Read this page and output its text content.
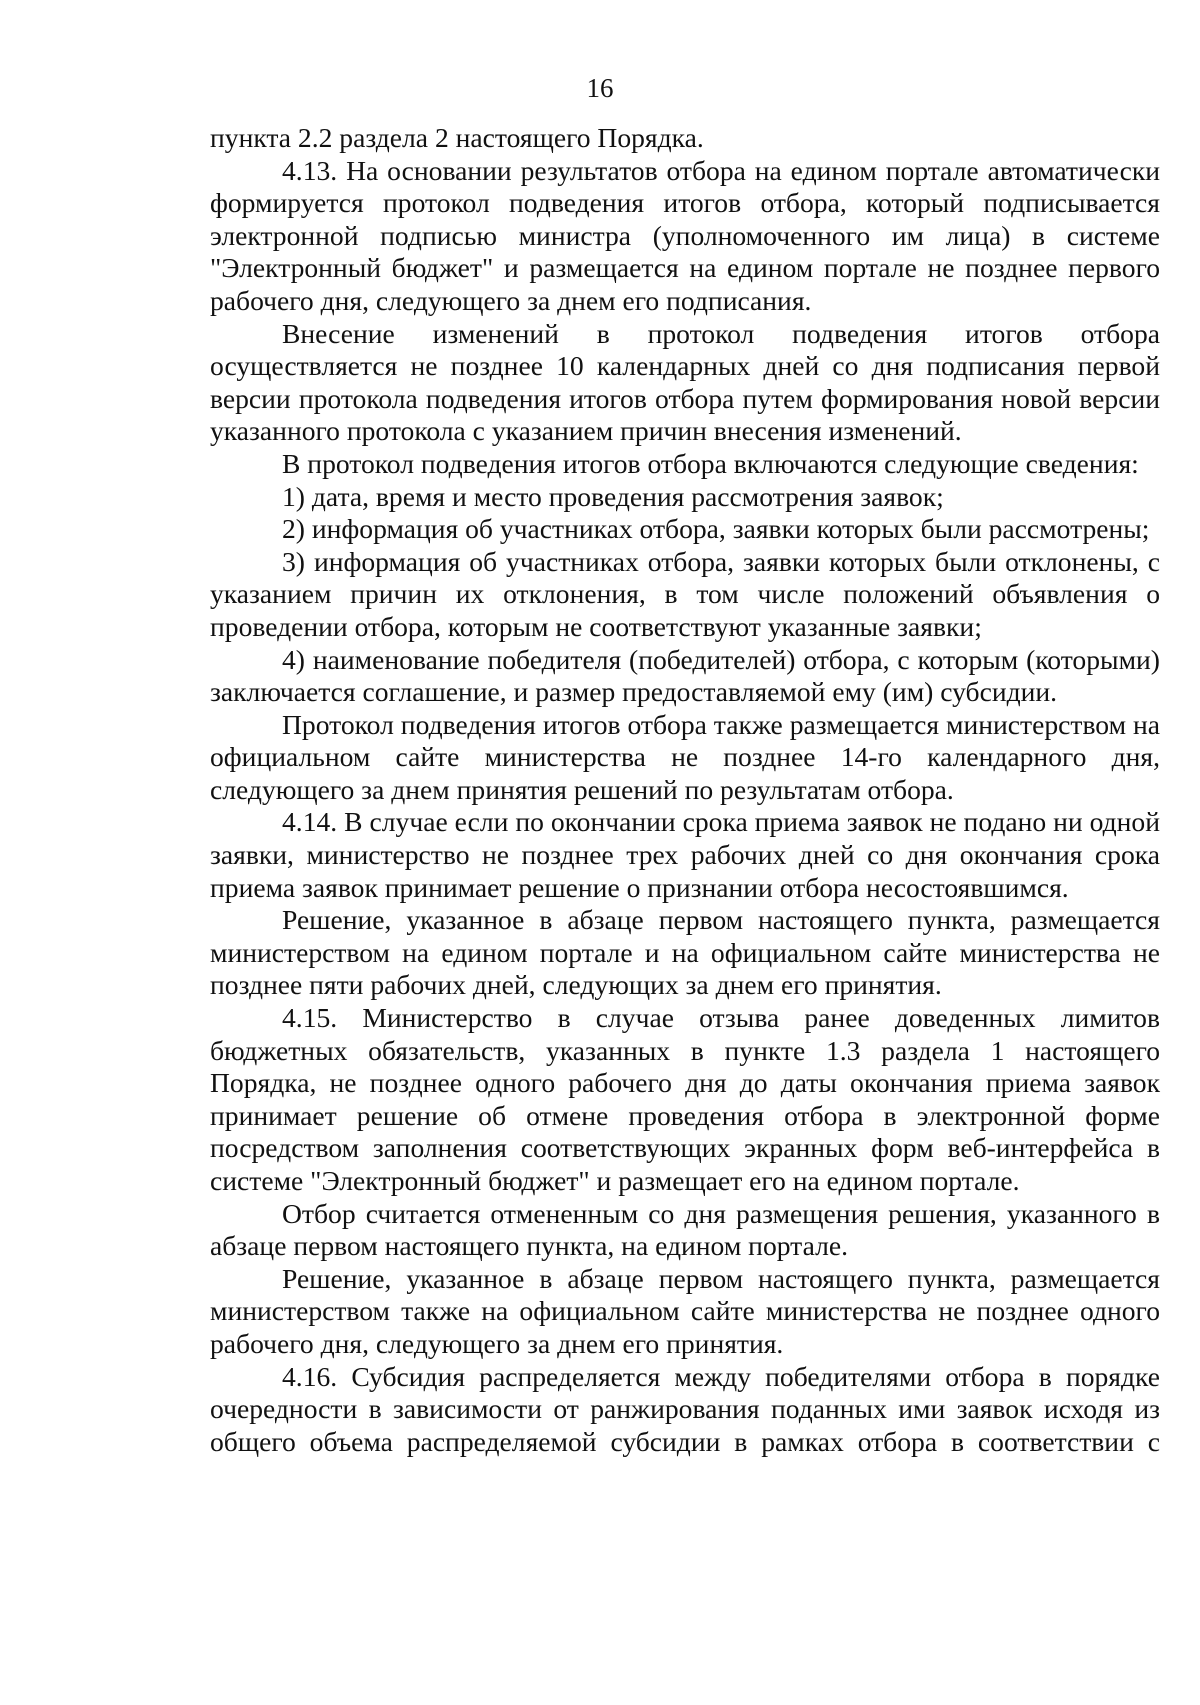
16

пункта 2.2 раздела 2 настоящего Порядка.

4.13. На основании результатов отбора на едином портале автоматически формируется протокол подведения итогов отбора, который подписывается электронной подписью министра (уполномоченного им лица) в системе "Электронный бюджет" и размещается на едином портале не позднее первого рабочего дня, следующего за днем его подписания.

Внесение изменений в протокол подведения итогов отбора осуществляется не позднее 10 календарных дней со дня подписания первой версии протокола подведения итогов отбора путем формирования новой версии указанного протокола с указанием причин внесения изменений.

В протокол подведения итогов отбора включаются следующие сведения:

1) дата, время и место проведения рассмотрения заявок;

2) информация об участниках отбора, заявки которых были рассмотрены;

3) информация об участниках отбора, заявки которых были отклонены, с указанием причин их отклонения, в том числе положений объявления о проведении отбора, которым не соответствуют указанные заявки;

4) наименование победителя (победителей) отбора, с которым (которыми) заключается соглашение, и размер предоставляемой ему (им) субсидии.

Протокол подведения итогов отбора также размещается министерством на официальном сайте министерства не позднее 14-го календарного дня, следующего за днем принятия решений по результатам отбора.

4.14. В случае если по окончании срока приема заявок не подано ни одной заявки, министерство не позднее трех рабочих дней со дня окончания срока приема заявок принимает решение о признании отбора несостоявшимся.

Решение, указанное в абзаце первом настоящего пункта, размещается министерством на едином портале и на официальном сайте министерства не позднее пяти рабочих дней, следующих за днем его принятия.

4.15. Министерство в случае отзыва ранее доведенных лимитов бюджетных обязательств, указанных в пункте 1.3 раздела 1 настоящего Порядка, не позднее одного рабочего дня до даты окончания приема заявок принимает решение об отмене проведения отбора в электронной форме посредством заполнения соответствующих экранных форм веб-интерфейса в системе "Электронный бюджет" и размещает его на едином портале.

Отбор считается отмененным со дня размещения решения, указанного в абзаце первом настоящего пункта, на едином портале.

Решение, указанное в абзаце первом настоящего пункта, размещается министерством также на официальном сайте министерства не позднее одного рабочего дня, следующего за днем его принятия.

4.16. Субсидия распределяется между победителями отбора в порядке очередности в зависимости от ранжирования поданных ими заявок исходя из общего объема распределяемой субсидии в рамках отбора в соответствии с
